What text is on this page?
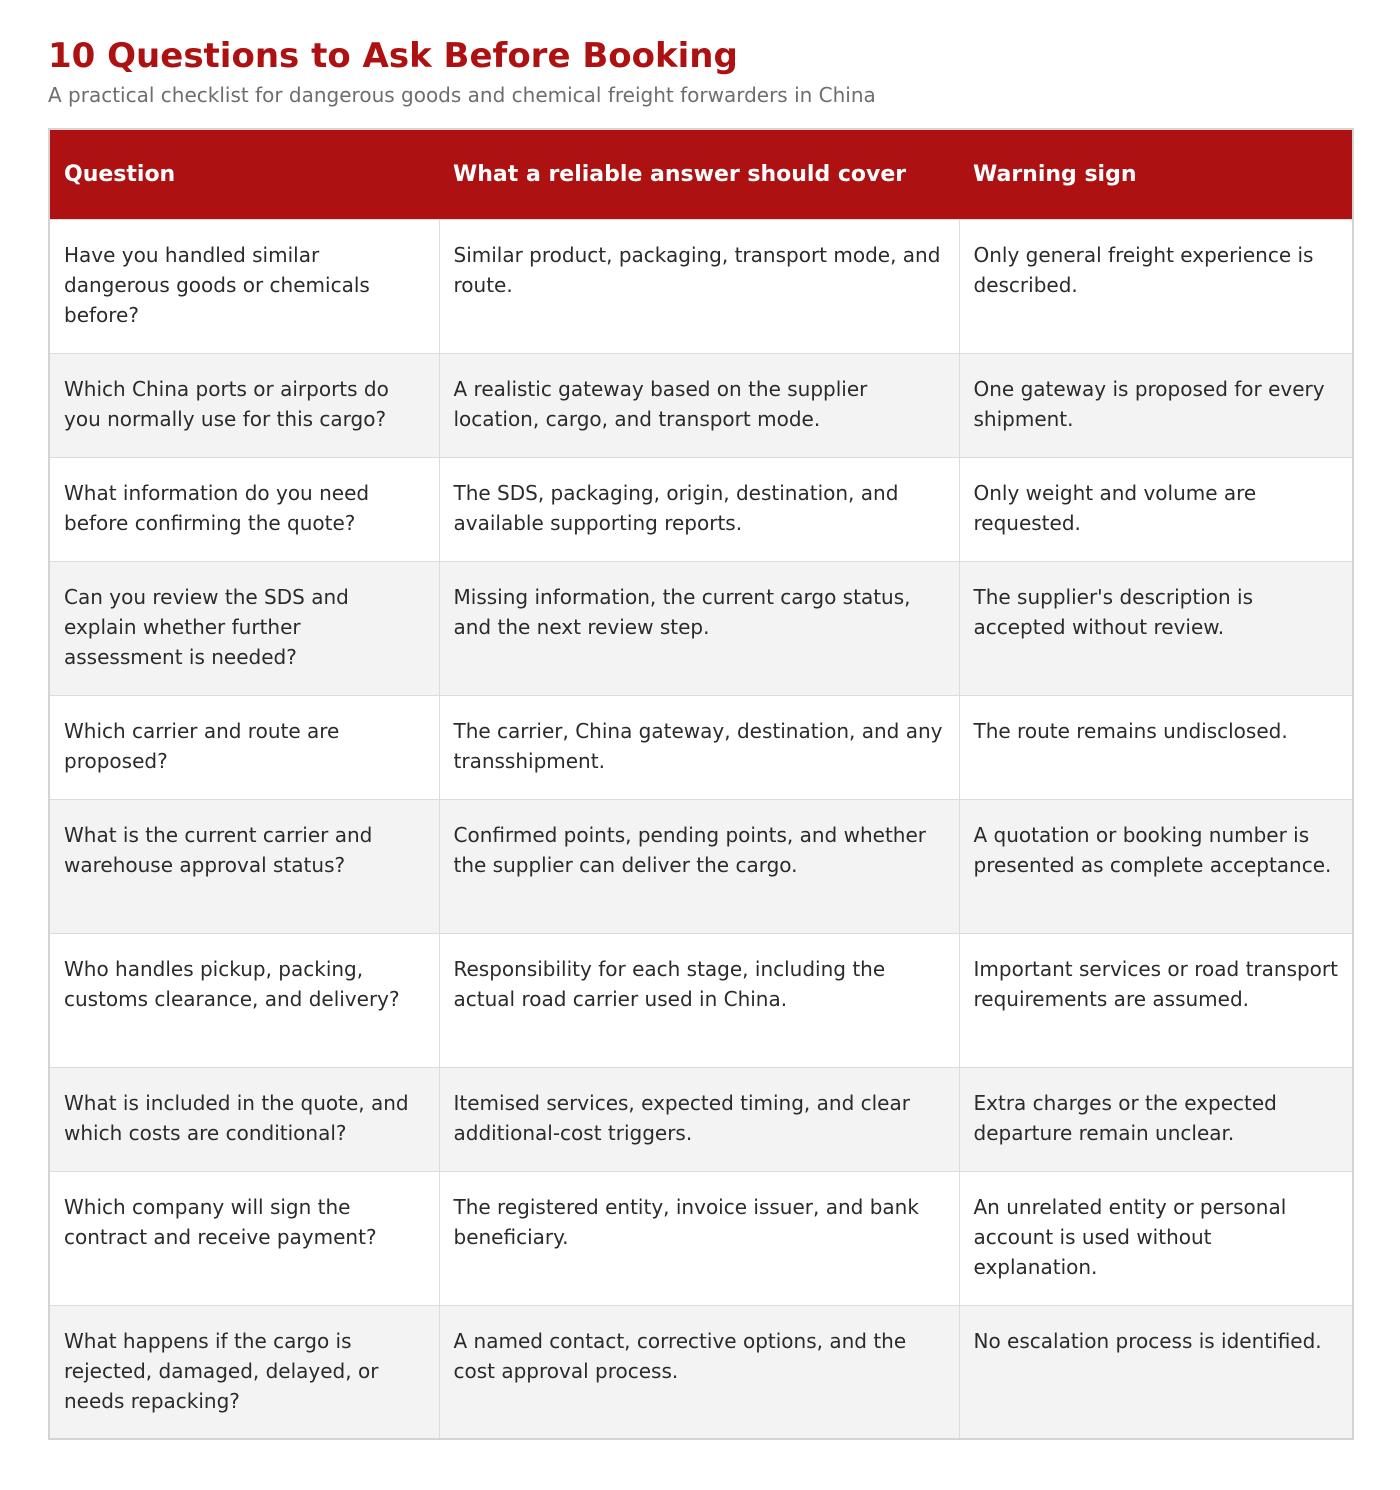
10 Questions to Ask Before Booking

A practical checklist for dangerous goods and chemical freight forwarders in China

Question	What a reliable answer should cover	Warning sign
Have you handled similar dangerous goods or chemicals before?	Similar product, packaging, transport mode, and route.	Only general freight experience is described.
Which China ports or airports do you normally use for this cargo?	A realistic gateway based on the supplier location, cargo, and transport mode.	One gateway is proposed for every shipment.
What information do you need before confirming the quote?	The SDS, packaging, origin, destination, and available supporting reports.	Only weight and volume are requested.
Can you review the SDS and explain whether further assessment is needed?	Missing information, the current cargo status, and the next review step.	The supplier's description is accepted without review.
Which carrier and route are proposed?	The carrier, China gateway, destination, and any transshipment.	The route remains undisclosed.
What is the current carrier and warehouse approval status?	Confirmed points, pending points, and whether the supplier can deliver the cargo.	A quotation or booking number is presented as complete acceptance.
Who handles pickup, packing, customs clearance, and delivery?	Responsibility for each stage, including the actual road carrier used in China.	Important services or road transport requirements are assumed.
What is included in the quote, and which costs are conditional?	Itemised services, expected timing, and clear additional-cost triggers.	Extra charges or the expected departure remain unclear.
Which company will sign the contract and receive payment?	The registered entity, invoice issuer, and bank beneficiary.	An unrelated entity or personal account is used without explanation.
What happens if the cargo is rejected, damaged, delayed, or needs repacking?	A named contact, corrective options, and the cost approval process.	No escalation process is identified.
